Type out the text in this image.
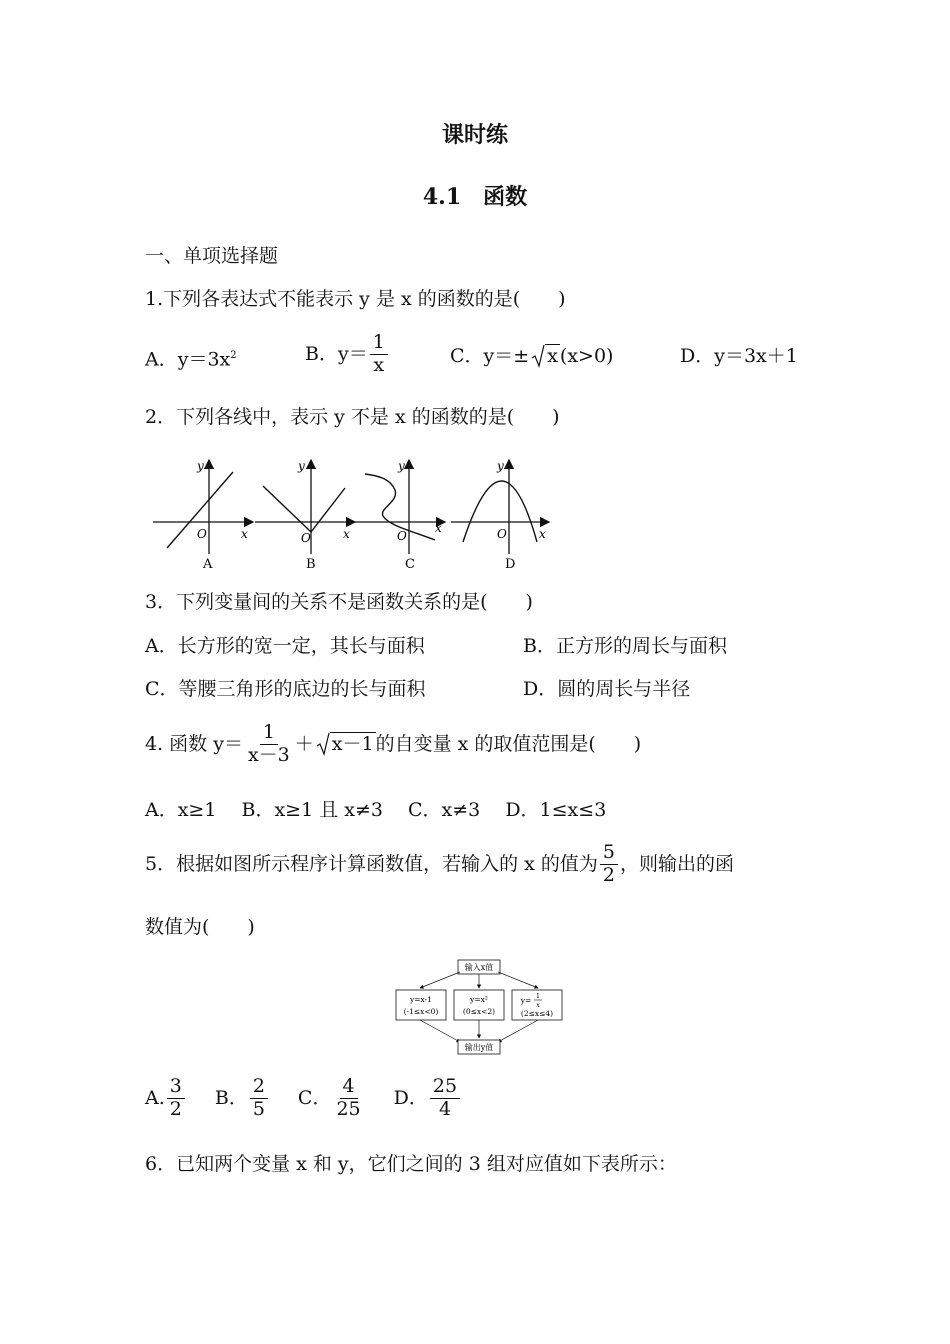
课时练
4.1　函数
一、单项选择题
1.下列各表达式不能表示 y 是 x 的函数的是(　　)
A．$y=3x^2$	B．$y= \frac{1}{x}$	C．y＝± x (x>0)	D．y＝3x＋1
2．下列各线中，表示 y 不是 x 的函数的是(　　)
y
x
O
A
y
x
O
B
y
x
O
C
y
x
O
D
3．下列变量间的关系不是函数关系的是(　　)
A．长方形的宽一定，其长与面积	B．正方形的周长与面积
C．等腰三角形的底边的长与面积	D．圆的周长与半径
4. 函数 $y= \frac{1}{x-3} + x-1$ 的自变量 x 的取值范围是(　　)
A．x≥1　 B．x≥1 且 x≠3　 C．x≠3　 D．1≤x≤3
5．根据如图所示程序计算函数值，若输入的 x 的值为 $\frac{5}{2}$ ，则输出的函
数值为(　　)
输入x值
y=x-1
(-1≤x<0)
y=x²
(0≤x<2)
y= 1
x
(2≤x≤4)
输出y值
A. $\frac{3}{2}$ B． $\frac{2}{5}$ C． $\frac{4}{25}$ D． $\frac{25}{4}$
6．已知两个变量 x 和 y，它们之间的 3 组对应值如下表所示：
